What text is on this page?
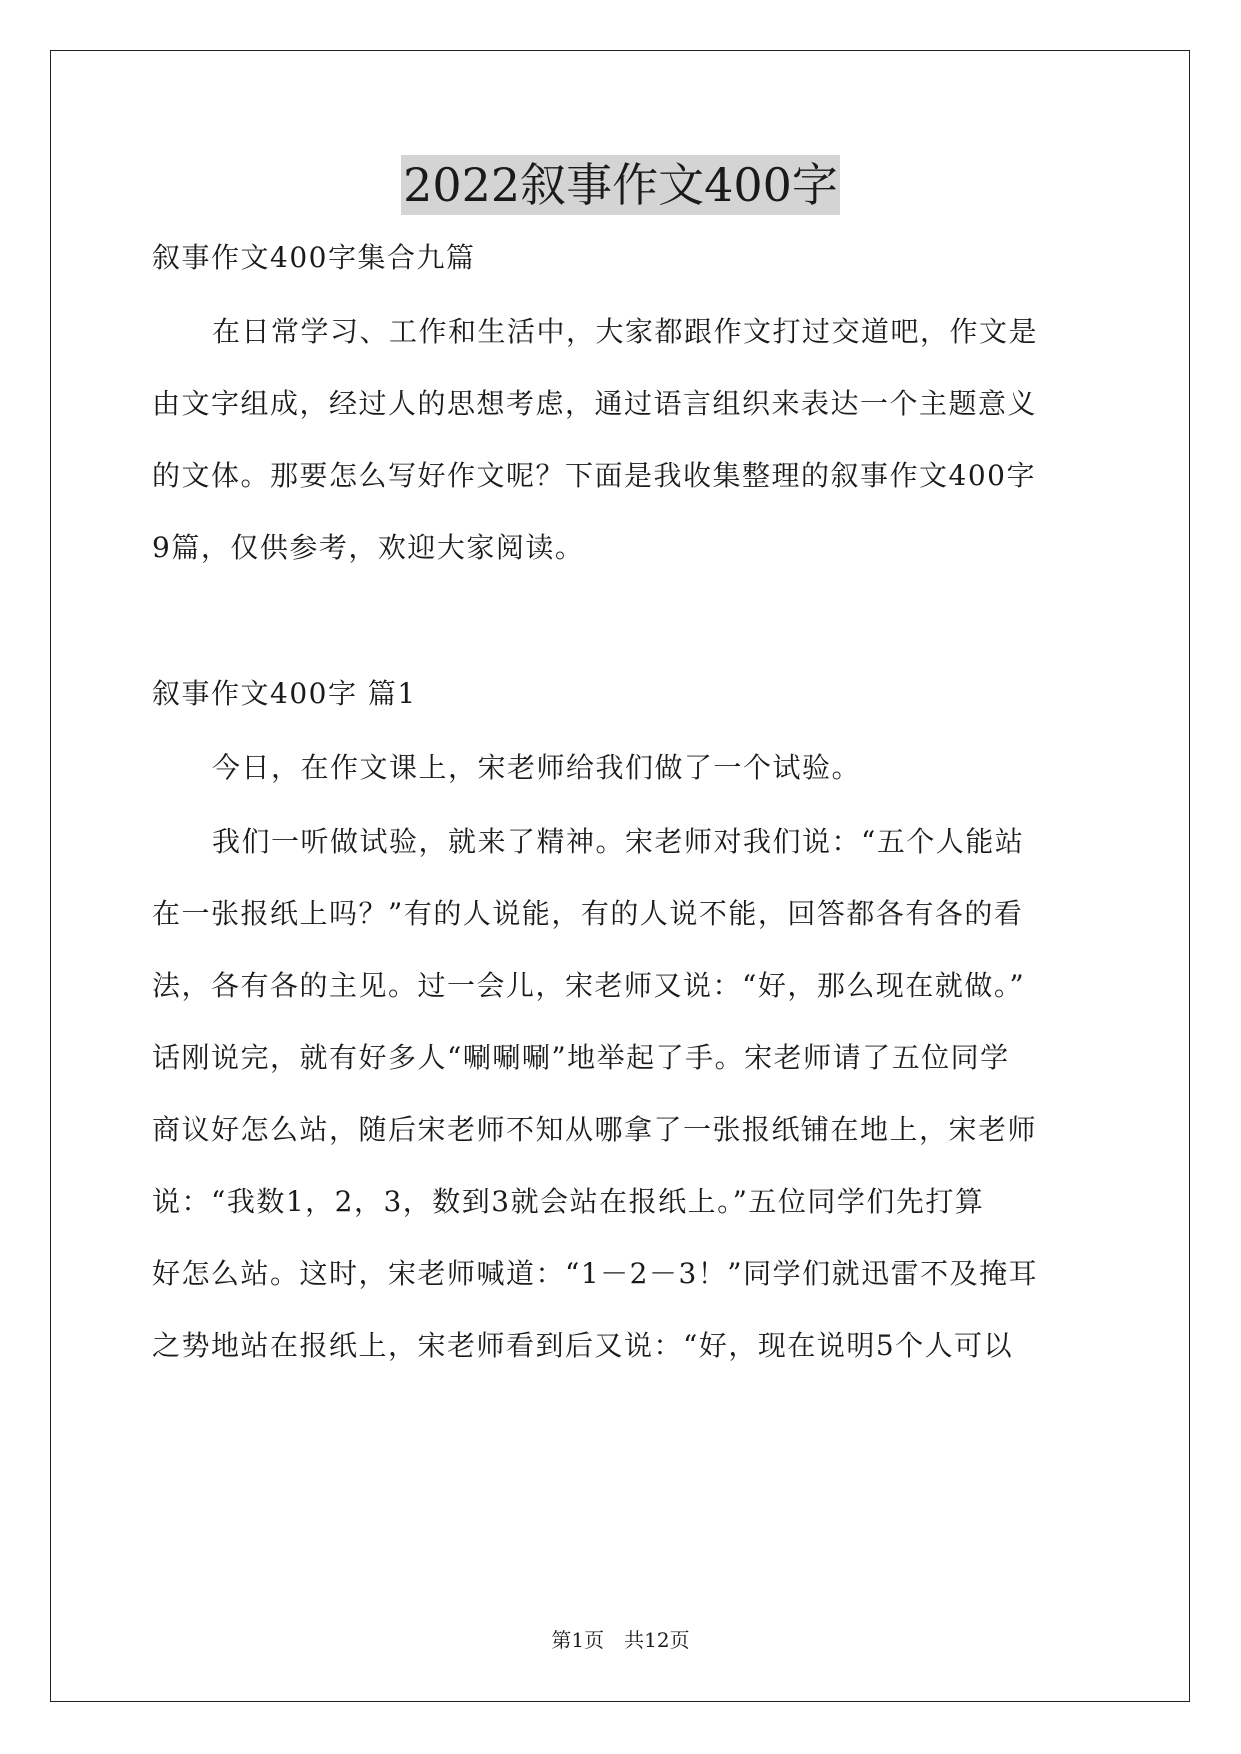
2022叙事作文400字
叙事作文400字集合九篇
在日常学习、工作和生活中，大家都跟作文打过交道吧，作文是
由文字组成，经过人的思想考虑，通过语言组织来表达一个主题意义
的文体。那要怎么写好作文呢？下面是我收集整理的叙事作文400字
9篇，仅供参考，欢迎大家阅读。
叙事作文400字 篇1
今日，在作文课上，宋老师给我们做了一个试验。
我们一听做试验，就来了精神。宋老师对我们说：“五个人能站
在一张报纸上吗？”有的人说能，有的人说不能，回答都各有各的看
法，各有各的主见。过一会儿，宋老师又说：“好，那么现在就做。”
话刚说完，就有好多人“唰唰唰”地举起了手。宋老师请了五位同学
商议好怎么站，随后宋老师不知从哪拿了一张报纸铺在地上，宋老师
说：“我数1，2，3，数到3就会站在报纸上。”五位同学们先打算
好怎么站。这时，宋老师喊道：“1－2－3！”同学们就迅雷不及掩耳
之势地站在报纸上，宋老师看到后又说：“好，现在说明5个人可以
第1页　共12页
